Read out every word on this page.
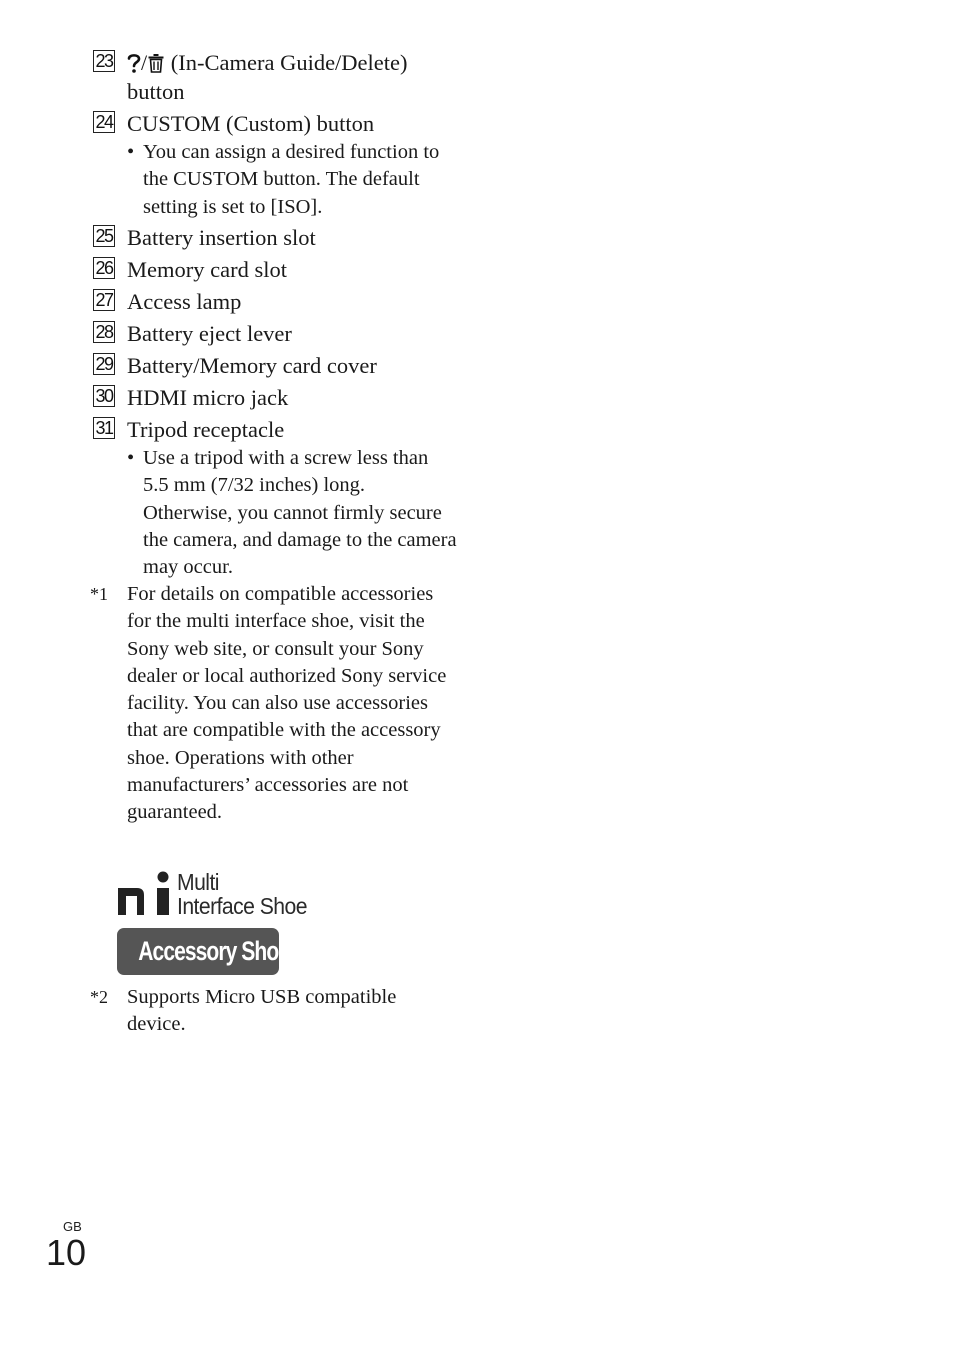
23	/ (In-Camera Guide/Delete)
button
24 CUSTOM (Custom) button
• You can assign a desired function to the CUSTOM button. The default setting is set to [ISO].
25 Battery insertion slot
26 Memory card slot
27 Access lamp
28 Battery eject lever
29 Battery/Memory card cover
30 HDMI micro jack
31 Tripod receptacle
• Use a tripod with a screw less than 5.5 mm (7/32 inches) long. Otherwise, you cannot firmly secure the camera, and damage to the camera may occur.
*1 For details on compatible accessories for the multi interface shoe, visit the Sony web site, or consult your Sony dealer or local authorized Sony service facility. You can also use accessories that are compatible with the accessory shoe. Operations with other manufacturers’ accessories are not guaranteed.
Multi
Interface Shoe
Accessory Shoe
*2 Supports Micro USB compatible device.
GB
10
